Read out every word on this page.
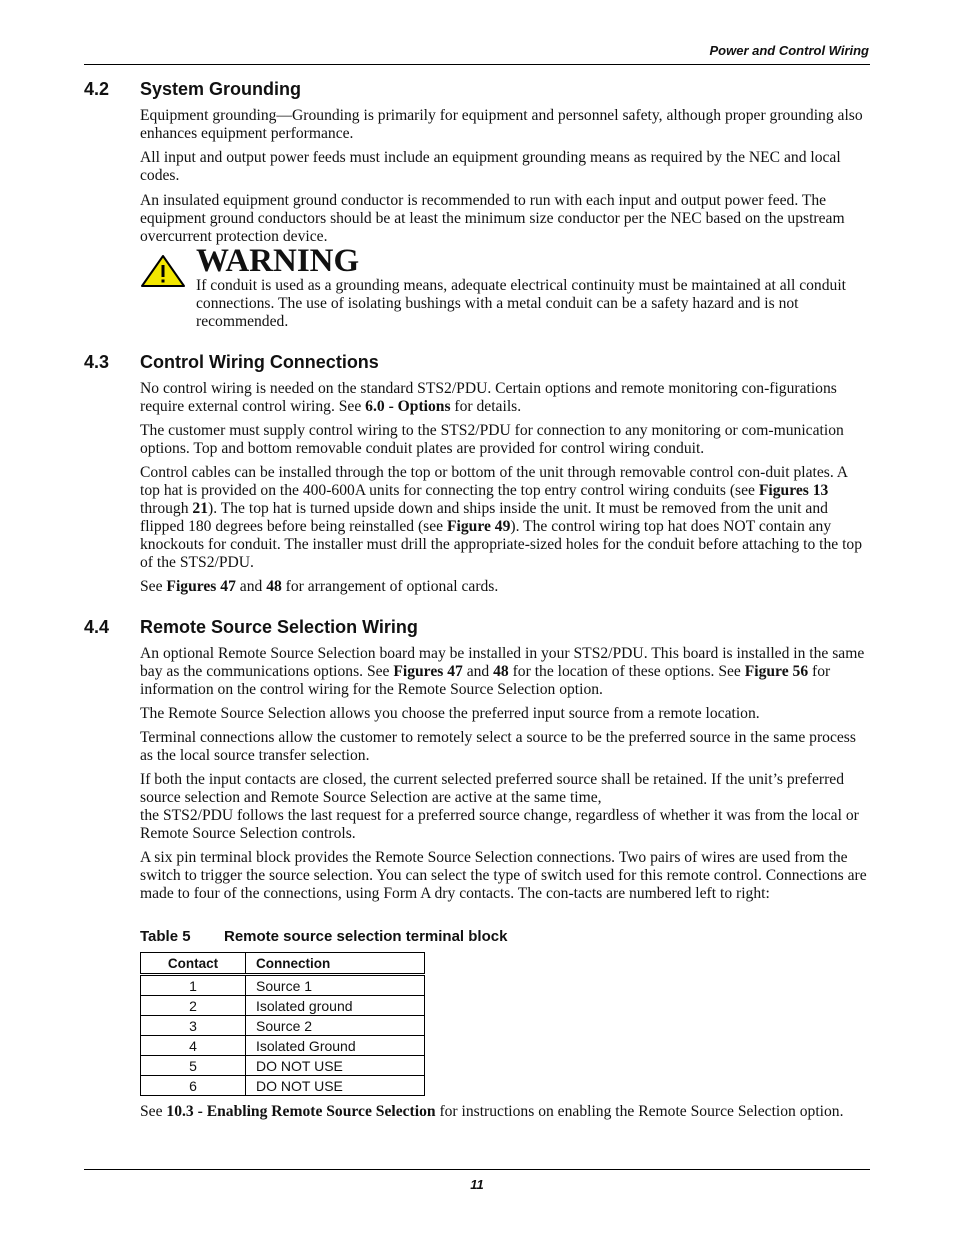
Power and Control Wiring
4.2 System Grounding

Equipment grounding—Grounding is primarily for equipment and personnel safety, although proper grounding also enhances equipment performance.

All input and output power feeds must include an equipment grounding means as required by the NEC and local codes.

An insulated equipment ground conductor is recommended to run with each input and output power feed. The equipment ground conductors should be at least the minimum size conductor per the NEC based on the upstream overcurrent protection device.

WARNING

If conduit is used as a grounding means, adequate electrical continuity must be maintained at all conduit connections. The use of isolating bushings with a metal conduit can be a safety hazard and is not recommended.

4.3 Control Wiring Connections

No control wiring is needed on the standard STS2/PDU. Certain options and remote monitoring con-figurations require external control wiring. See 6.0 - Options for details.

The customer must supply control wiring to the STS2/PDU for connection to any monitoring or com-munication options. Top and bottom removable conduit plates are provided for control wiring conduit.

Control cables can be installed through the top or bottom of the unit through removable control con-duit plates. A top hat is provided on the 400-600A units for connecting the top entry control wiring conduits (see Figures 13 through 21). The top hat is turned upside down and ships inside the unit. It must be removed from the unit and flipped 180 degrees before being reinstalled (see Figure 49). The control wiring top hat does NOT contain any knockouts for conduit. The installer must drill the appropriate-sized holes for the conduit before attaching to the top of the STS2/PDU.

See Figures 47 and 48 for arrangement of optional cards.

4.4 Remote Source Selection Wiring

An optional Remote Source Selection board may be installed in your STS2/PDU. This board is installed in the same bay as the communications options. See Figures 47 and 48 for the location of these options. See Figure 56 for information on the control wiring for the Remote Source Selection option.

The Remote Source Selection allows you choose the preferred input source from a remote location.

Terminal connections allow the customer to remotely select a source to be the preferred source in the same process as the local source transfer selection.

If both the input contacts are closed, the current selected preferred source shall be retained. If the unit’s preferred source selection and Remote Source Selection are active at the same time,
the STS2/PDU follows the last request for a preferred source change, regardless of whether it was from the local or Remote Source Selection controls.

A six pin terminal block provides the Remote Source Selection connections. Two pairs of wires are used from the switch to trigger the source selection. You can select the type of switch used for this remote control. Connections are made to four of the connections, using Form A dry contacts. The con-tacts are numbered left to right:

Table 5 Remote source selection terminal block
Contact	Connection
1	Source 1
2	Isolated ground
3	Source 2
4	Isolated Ground
5	DO NOT USE
6	DO NOT USE

See 10.3 - Enabling Remote Source Selection for instructions on enabling the Remote Source Selection option.

11
